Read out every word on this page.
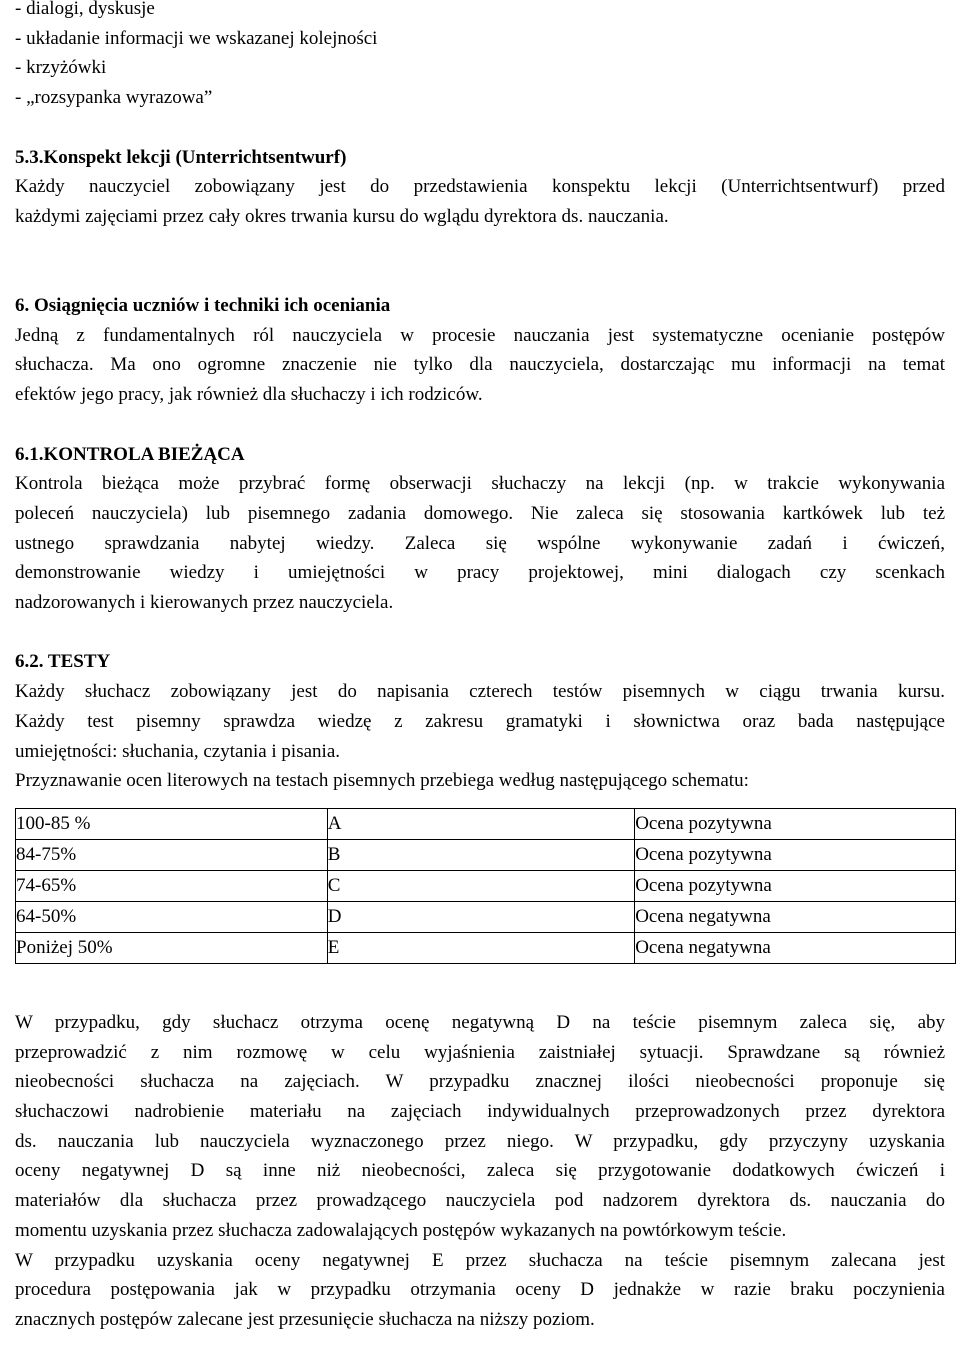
- dialogi, dyskusje
- układanie informacji we wskazanej kolejności
- krzyżówki
- „rozsypanka wyrazowa”
5.3.Konspekt lekcji (Unterrichtsentwurf)
Każdy nauczyciel zobowiązany jest do przedstawienia konspektu lekcji (Unterrichtsentwurf) przed
każdymi zajęciami przez cały okres trwania kursu do wglądu dyrektora ds. nauczania.
6. Osiągnięcia uczniów i techniki ich oceniania
Jedną z fundamentalnych ról nauczyciela w procesie nauczania jest systematyczne ocenianie postępów
słuchacza. Ma ono ogromne znaczenie nie tylko dla nauczyciela, dostarczając mu informacji na temat
efektów jego pracy, jak również dla słuchaczy i ich rodziców.
6.1.KONTROLA BIEŻĄCA
Kontrola bieżąca może przybrać formę obserwacji słuchaczy na lekcji (np. w trakcie wykonywania
poleceń nauczyciela) lub pisemnego zadania domowego. Nie zaleca się stosowania kartkówek lub też
ustnego sprawdzania nabytej wiedzy. Zaleca się wspólne wykonywanie zadań i ćwiczeń,
demonstrowanie wiedzy i umiejętności w pracy projektowej, mini dialogach czy scenkach
nadzorowanych i kierowanych przez nauczyciela.
6.2. TESTY
Każdy słuchacz zobowiązany jest do napisania czterech testów pisemnych w ciągu trwania kursu.
Każdy test pisemny sprawdza wiedzę z zakresu gramatyki i słownictwa oraz bada następujące
umiejętności: słuchania, czytania i pisania.
Przyznawanie ocen literowych na testach pisemnych przebiega według następującego schematu:
100-85 %	A	Ocena pozytywna
84-75%	B	Ocena pozytywna
74-65%	C	Ocena pozytywna
64-50%	D	Ocena negatywna
Poniżej 50%	E	Ocena negatywna
W przypadku, gdy słuchacz otrzyma ocenę negatywną D na teście pisemnym zaleca się, aby
przeprowadzić z nim rozmowę w celu wyjaśnienia zaistniałej sytuacji. Sprawdzane są również
nieobecności słuchacza na zajęciach. W przypadku znacznej ilości nieobecności proponuje się
słuchaczowi nadrobienie materiału na zajęciach indywidualnych przeprowadzonych przez dyrektora
ds. nauczania lub nauczyciela wyznaczonego przez niego. W przypadku, gdy przyczyny uzyskania
oceny negatywnej D są inne niż nieobecności, zaleca się przygotowanie dodatkowych ćwiczeń i
materiałów dla słuchacza przez prowadzącego nauczyciela pod nadzorem dyrektora ds. nauczania do
momentu uzyskania przez słuchacza zadowalających postępów wykazanych na powtórkowym teście.
W przypadku uzyskania oceny negatywnej E przez słuchacza na teście pisemnym zalecana jest
procedura postępowania jak w przypadku otrzymania oceny D jednakże w razie braku poczynienia
znacznych postępów zalecane jest przesunięcie słuchacza na niższy poziom.
